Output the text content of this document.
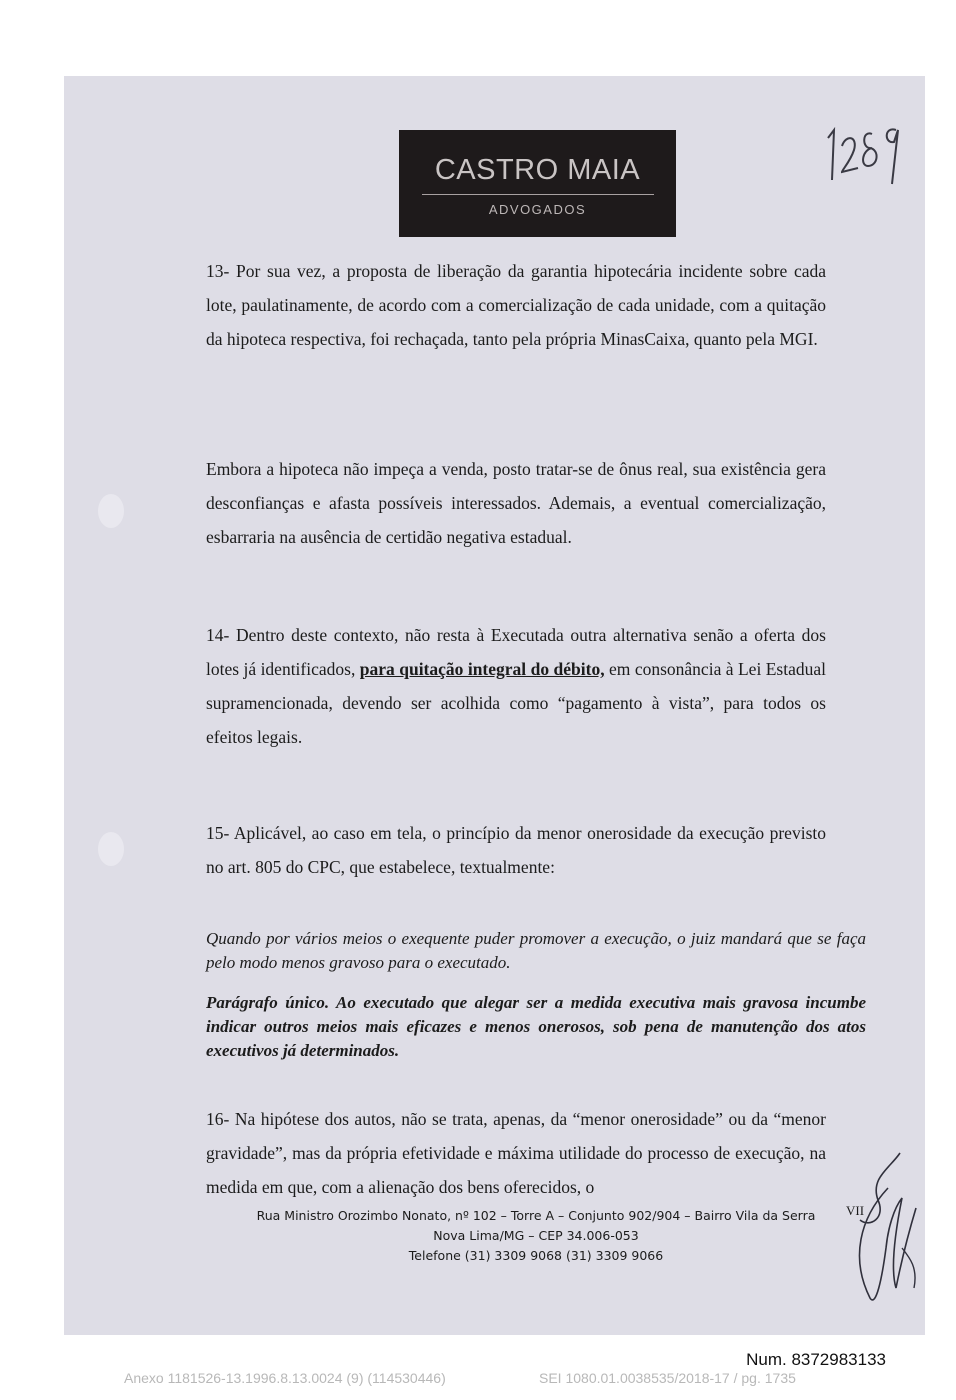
CASTRO MAIA
ADVOGADOS

13- Por sua vez, a proposta de liberação da garantia hipotecária incidente sobre cada lote, paulatinamente, de acordo com a comercialização de cada unidade, com a quitação da hipoteca respectiva, foi rechaçada, tanto pela própria MinasCaixa, quanto pela MGI.

Embora a hipoteca não impeça a venda, posto tratar-se de ônus real, sua existência gera desconfianças e afasta possíveis interessados. Ademais, a eventual comercialização, esbarraria na ausência de certidão negativa estadual.

14- Dentro deste contexto, não resta à Executada outra alternativa senão a oferta dos lotes já identificados, para quitação integral do débito, em consonância à Lei Estadual supramencionada, devendo ser acolhida como “pagamento à vista”, para todos os efeitos legais.

15- Aplicável, ao caso em tela, o princípio da menor onerosidade da execução previsto no art. 805 do CPC, que estabelece, textualmente:

Quando por vários meios o exequente puder promover a execução, o juiz mandará que se faça pelo modo menos gravoso para o executado.

Parágrafo único. Ao executado que alegar ser a medida executiva mais gravosa incumbe indicar outros meios mais eficazes e menos onerosos, sob pena de manutenção dos atos executivos já determinados.

16- Na hipótese dos autos, não se trata, apenas, da “menor onerosidade” ou da “menor gravidade”, mas da própria efetividade e máxima utilidade do processo de execução, na medida em que, com a alienação dos bens oferecidos, o

Rua Ministro Orozimbo Nonato, nº 102 – Torre A – Conjunto 902/904 – Bairro Vila da Serra
Nova Lima/MG – CEP 34.006-053
Telefone (31) 3309 9068 (31) 3309 9066
VII
Num. 8372983133
Anexo 1181526-13.1996.8.13.0024 (9) (114530446)	SEI 1080.01.0038535/2018-17 / pg. 1735
